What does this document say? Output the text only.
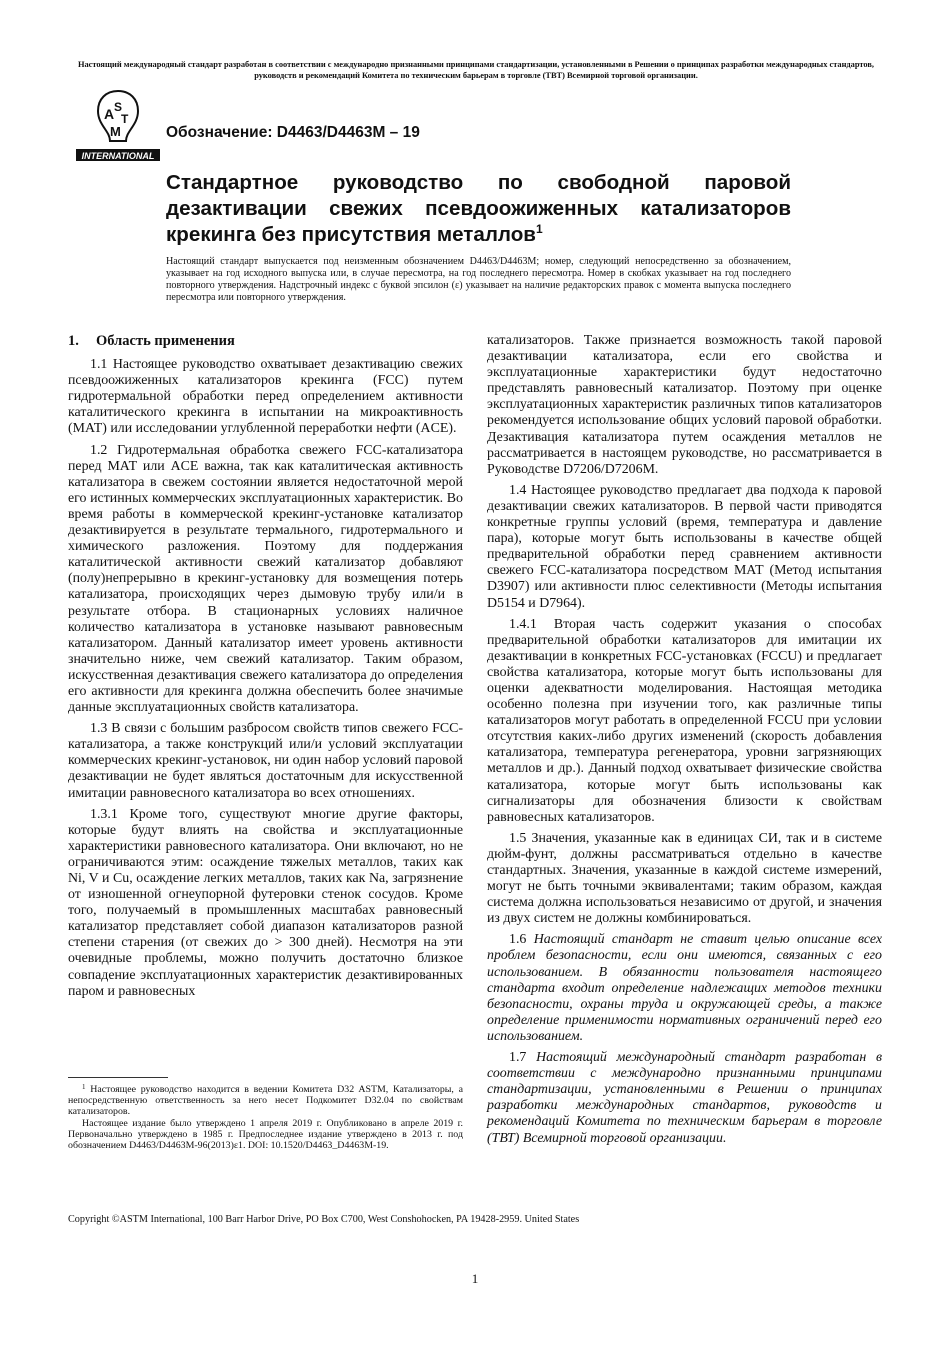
Настоящий международный стандарт разработан в соответствии с международно признанными принципами стандартизации, установленными в Решении о принципах разработки международных стандартов, руководств и рекомендаций Комитета по техническим барьерам в торговле (ТВТ) Всемирной торговой организации.
A S
T
M
INTERNATIONAL
Обозначение: D4463/D4463M – 19
Стандартное руководство по свободной паровой дезактивации свежих псевдоожиженных катализаторов крекинга без присутствия металлов$^1$

Настоящий стандарт выпускается под неизменным обозначением D4463/D4463M; номер, следующий непосредственно за обозначением, указывает на год исходного выпуска или, в случае пересмотра, на год последнего пересмотра. Номер в скобках указывает на год последнего повторного утверждения. Надстрочный индекс с буквой эпсилон (ε) указывает на наличие редакторских правок с момента выпуска последнего пересмотра или повторного утверждения.

1. Область применения

1.1 Настоящее руководство охватывает дезактивацию свежих псевдоожиженных катализаторов крекинга (FCC) путем гидротермальной обработки перед определением активности каталитического крекинга в испытании на микроактивность (МАТ) или исследовании углубленной переработки нефти (ACE).

1.2 Гидротермальная обработка свежего FCC-катализатора перед МАТ или ACE важна, так как каталитическая активность катализатора в свежем состоянии является недостаточной мерой его истинных коммерческих эксплуатационных характеристик. Во время работы в коммерческой крекинг-установке катализатор дезактивируется в результате термального, гидротермального и химического разложения. Поэтому для поддержания каталитической активности свежий катализатор добавляют (полу)непрерывно в крекинг-установку для возмещения потерь катализатора, происходящих через дымовую трубу или/и в результате отбора. В стационарных условиях наличное количество катализатора в установке называют равновесным катализатором. Данный катализатор имеет уровень активности значительно ниже, чем свежий катализатор. Таким образом, искусственная дезактивация свежего катализатора до определения его активности для крекинга должна обеспечить более значимые данные эксплуатационных свойств катализатора.

1.3 В связи с большим разбросом свойств типов свежего FCC-катализатора, а также конструкций или/и условий эксплуатации коммерческих крекинг-установок, ни один набор условий паровой дезактивации не будет являться достаточным для искусственной имитации равновесного катализатора во всех отношениях.

1.3.1 Кроме того, существуют многие другие факторы, которые будут влиять на свойства и эксплуатационные характеристики равновесного катализатора. Они включают, но не ограничиваются этим: осаждение тяжелых металлов, таких как Ni, V и Cu, осаждение легких металлов, таких как Na, загрязнение от изношенной огнеупорной футеровки стенок сосудов. Кроме того, получаемый в промышленных масштабах равновесный катализатор представляет собой диапазон катализаторов разной степени старения (от свежих до > 300 дней). Несмотря на эти очевидные проблемы, можно получить достаточно близкое совпадение эксплуатационных характеристик дезактивированных паром и равновесных

$^1$ Настоящее руководство находится в ведении Комитета D32 ASTM, Катализаторы, а непосредственную ответственность за него несет Подкомитет D32.04 по свойствам катализаторов.

Настоящее издание было утверждено 1 апреля 2019 г. Опубликовано в апреле 2019 г. Первоначально утверждено в 1985 г. Предпоследнее издание утверждено в 2013 г. под обозначением D4463/D4463M-96(2013)ε1. DOI: 10.1520/D4463_D4463M-19.

катализаторов. Также признается возможность такой паровой дезактивации катализатора, если его свойства и эксплуатационные характеристики будут недостаточно представлять равновесный катализатор. Поэтому при оценке эксплуатационных характеристик различных типов катализаторов рекомендуется использование общих условий паровой обработки. Дезактивация катализатора путем осаждения металлов не рассматривается в настоящем руководстве, но рассматривается в Руководстве D7206/D7206M.

1.4 Настоящее руководство предлагает два подхода к паровой дезактивации свежих катализаторов. В первой части приводятся конкретные группы условий (время, температура и давление пара), которые могут быть использованы в качестве общей предварительной обработки перед сравнением активности свежего FCC-катализатора посредством МАТ (Метод испытания D3907) или активности плюс селективности (Методы испытания D5154 и D7964).

1.4.1 Вторая часть содержит указания о способах предварительной обработки катализаторов для имитации их дезактивации в конкретных FCC-установках (FCCU) и предлагает свойства катализатора, которые могут быть использованы для оценки адекватности моделирования. Настоящая методика особенно полезна при изучении того, как различные типы катализаторов могут работать в определенной FCCU при условии отсутствия каких-либо других изменений (скорость добавления катализатора, температура регенератора, уровни загрязняющих металлов и др.). Данный подход охватывает физические свойства катализатора, которые могут быть использованы как сигнализаторы для обозначения близости к свойствам равновесных катализаторов.

1.5 Значения, указанные как в единицах СИ, так и в системе дюйм-фунт, должны рассматриваться отдельно в качестве стандартных. Значения, указанные в каждой системе измерений, могут не быть точными эквивалентами; таким образом, каждая система должна использоваться независимо от другой, и значения из двух систем не должны комбинироваться.

1.6 Настоящий стандарт не ставит целью описание всех проблем безопасности, если они имеются, связанных с его использованием. В обязанности пользователя настоящего стандарта входит определение надлежащих методов техники безопасности, охраны труда и окружающей среды, а также определение применимости нормативных ограничений перед его использованием.

1.7 Настоящий международный стандарт разработан в соответствии с международно признанными принципами стандартизации, установленными в Решении о принципах разработки международных стандартов, руководств и рекомендаций Комитета по техническим барьерам в торговле (ТВТ) Всемирной торговой организации.

Copyright ©ASTM International, 100 Barr Harbor Drive, PO Box C700, West Conshohocken, PA 19428-2959. United States
1
